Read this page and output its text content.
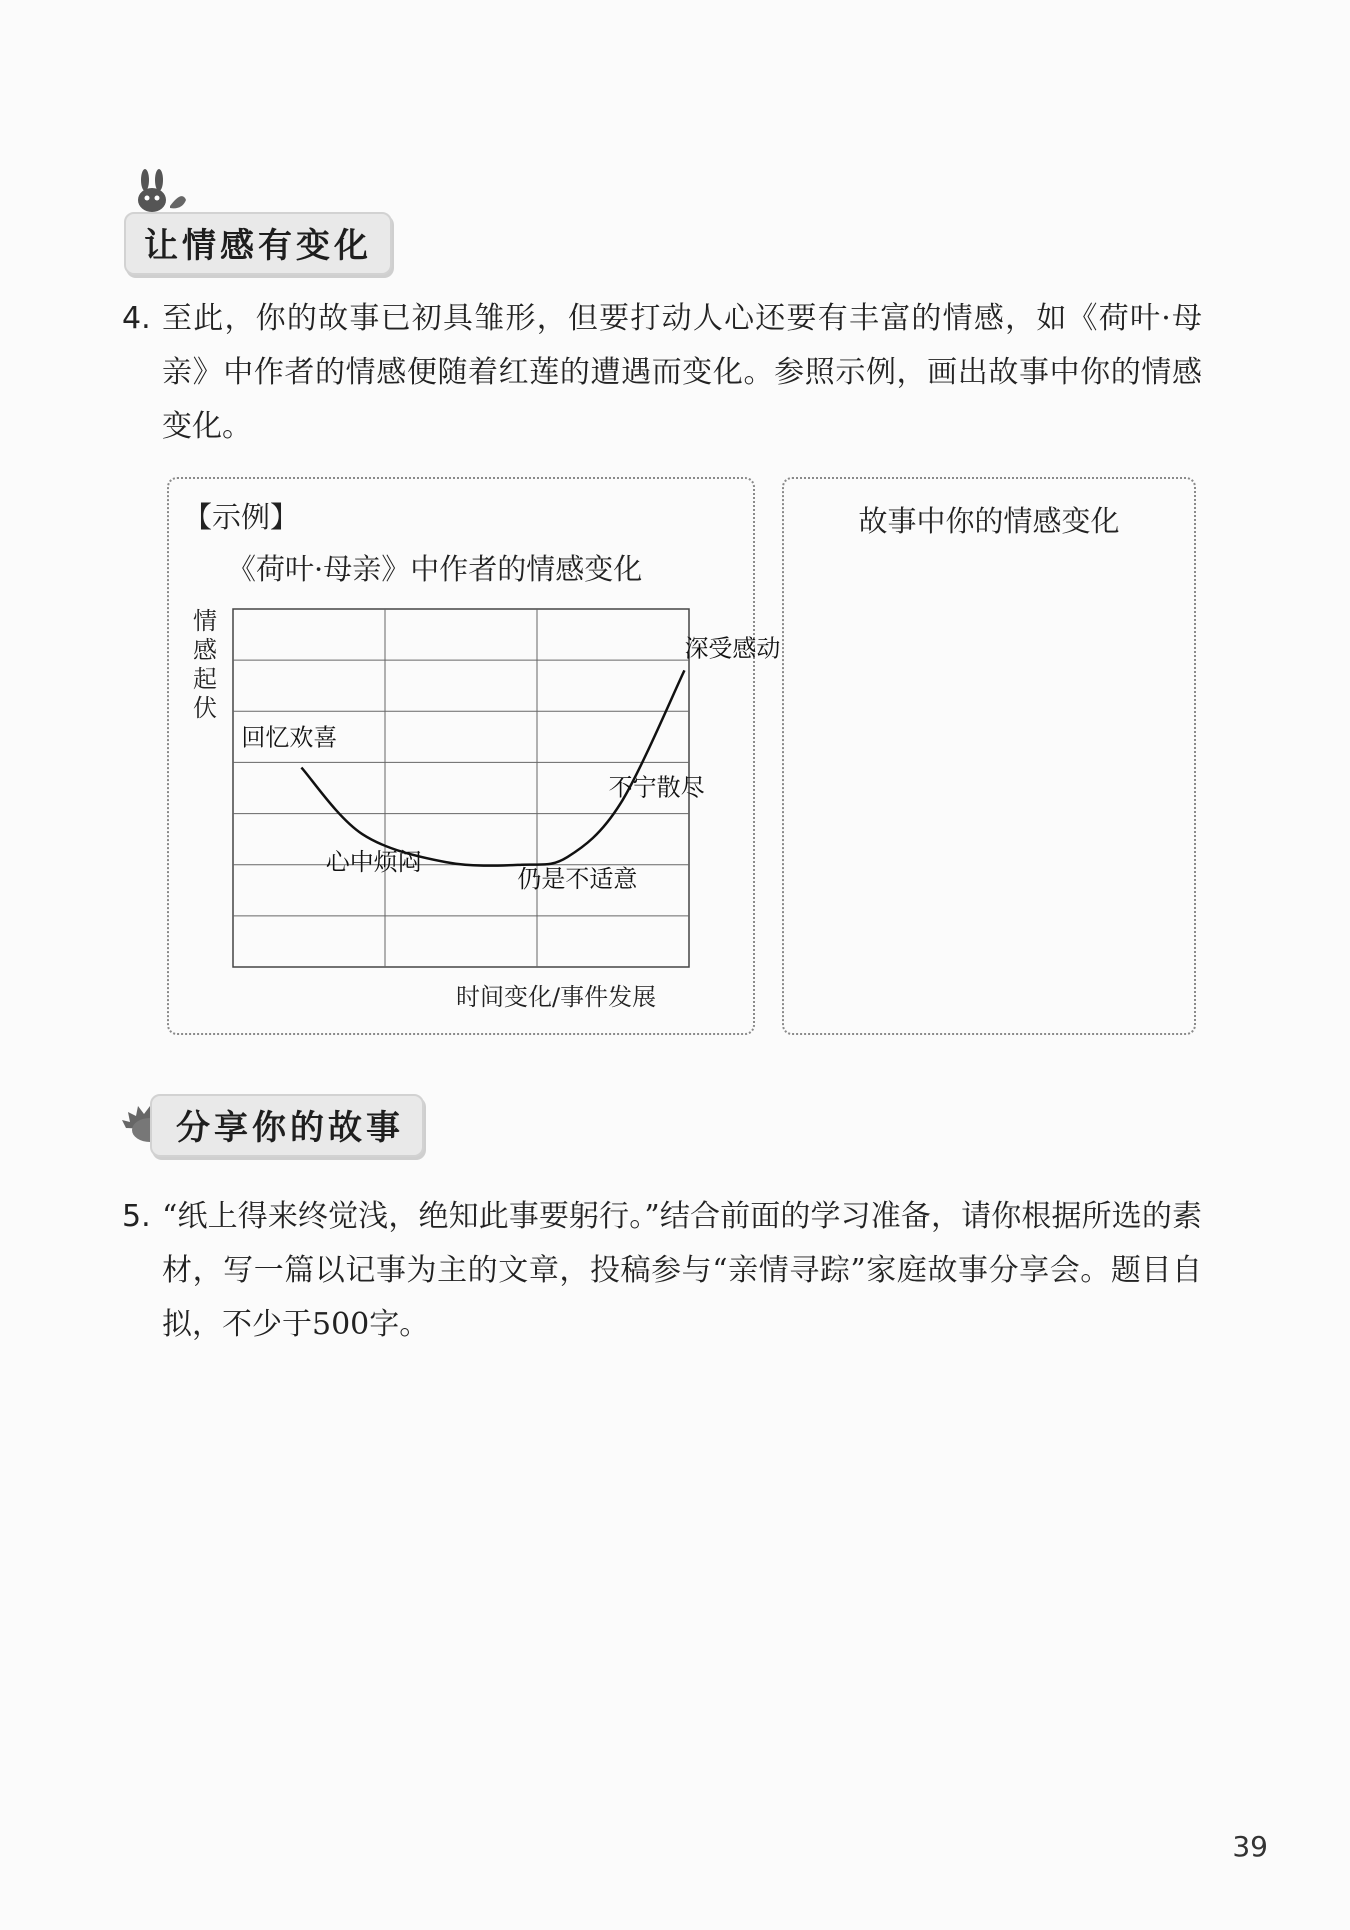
让情感有变化
4. 至此，你的故事已初具雏形，但要打动人心还要有丰富的情感，如《荷叶·母亲》中作者的情感便随着红莲的遭遇而变化。参照示例，画出故事中你的情感变化。
【示例】
《荷叶·母亲》中作者的情感变化
情感起伏
回忆欢喜
心中烦闷
仍是不适意
不宁散尽
深受感动
时间变化/事件发展
故事中你的情感变化
分享你的故事
5. “纸上得来终觉浅，绝知此事要躬行。”结合前面的学习准备，请你根据所选的素材，写一篇以记事为主的文章，投稿参与“亲情寻踪”家庭故事分享会。题目自拟，不少于500字。
39
